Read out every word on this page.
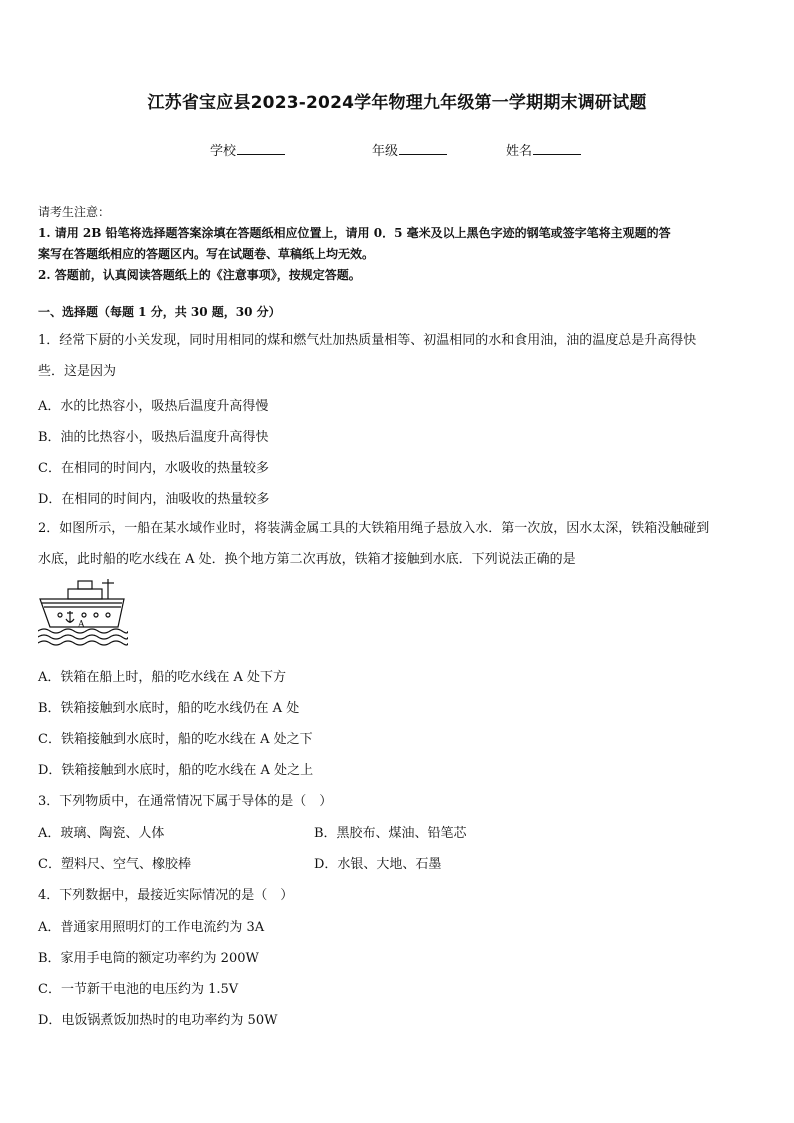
江苏省宝应县2023-2024学年物理九年级第一学期期末调研试题
学校	年级	姓名
请考生注意：
1. 请用 2B 铅笔将选择题答案涂填在答题纸相应位置上，请用 0．5 毫米及以上黑色字迹的钢笔或签字笔将主观题的答
案写在答题纸相应的答题区内。写在试题卷、草稿纸上均无效。
2. 答题前，认真阅读答题纸上的《注意事项》，按规定答题。
一、选择题（每题 1 分，共 30 题，30 分）
1．经常下厨的小关发现，同时用相同的煤和燃气灶加热质量相等、初温相同的水和食用油，油的温度总是升高得快
些．这是因为
A．水的比热容小，吸热后温度升高得慢
B．油的比热容小，吸热后温度升高得快
C．在相同的时间内，水吸收的热量较多
D．在相同的时间内，油吸收的热量较多
2．如图所示，一船在某水域作业时，将装满金属工具的大铁箱用绳子悬放入水．第一次放，因水太深，铁箱没触碰到
水底，此时船的吃水线在 A 处．换个地方第二次再放，铁箱才接触到水底．下列说法正确的是
A
A．铁箱在船上时，船的吃水线在 A 处下方
B．铁箱接触到水底时，船的吃水线仍在 A 处
C．铁箱接触到水底时，船的吃水线在 A 处之下
D．铁箱接触到水底时，船的吃水线在 A 处之上
3．下列物质中，在通常情况下属于导体的是（　）
A．玻璃、陶瓷、人体	B．黑胶布、煤油、铅笔芯
C．塑料尺、空气、橡胶棒	D．水银、大地、石墨
4．下列数据中，最接近实际情况的是（　）
A．普通家用照明灯的工作电流约为 3A
B．家用手电筒的额定功率约为 200W
C．一节新干电池的电压约为 1.5V
D．电饭锅煮饭加热时的电功率约为 50W
